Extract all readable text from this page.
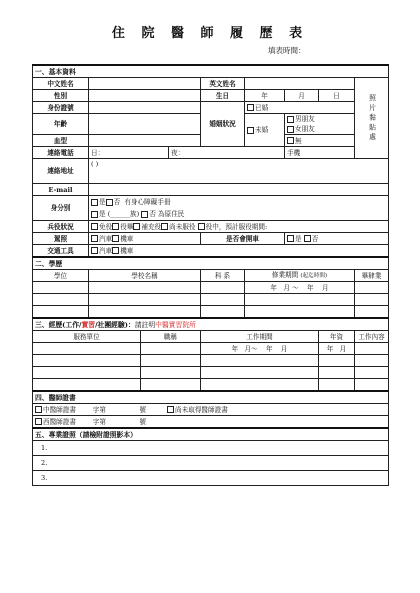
住 院 醫 師 履 歷 表
填表時間：
一、基本資料								
中文姓名				英文姓名				照片黏貼處

性別				生日	年	月	日	
身份證號				婚姻狀況	已婚			
年齡					未婚	男朋友
女朋友		
血型						無		
連絡電話	日：		夜：			手機		
連絡地址	( )							
E-mail								
身分別	是 否 有身心障礙手冊
是 (______族) 否 為原住民							
兵役狀況	免役 役畢 補充役 尚未服役 役中，預計服役期間:							
駕照	汽車 機車			是否會開車		是 否		
交通工具	汽車 機車							
二、學歷								
學位	學校名稱			科 系	修業期間 (起迄時間)			畢肄業
					年 月 ～ 年 月			

三、經歷(工作/實習/社團經驗)：請註明中醫實習院所								
服務單位		職稱		工作期間			年資	工作內容
				年 月～ 年 月			年 月	

四、醫師證書								
中醫師證書 字第 號 尚未取得醫師證書								
西醫師證書 字第 號								
五、專業證照（請檢附證照影本）								
1.								
2.								
3.								
